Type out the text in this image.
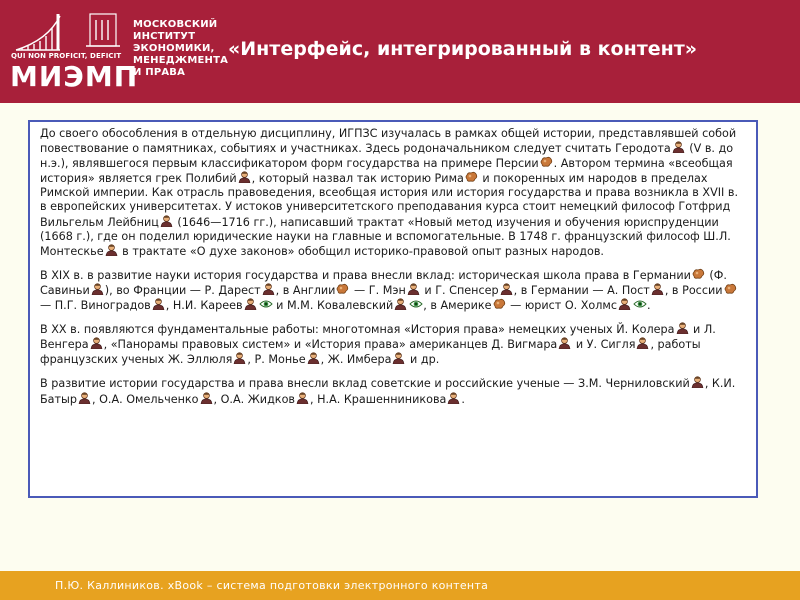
QUI NON PROFICIT, DEFICIT
МИЭМП
МОСКОВСКИЙ
ИНСТИТУТ
ЭКОНОМИКИ,
МЕНЕДЖМЕНТА
И ПРАВА
«Интерфейс, интегрированный в контент»

До своего обособления в отдельную дисциплину, ИГПЗС изучалась в рамках общей истории, представлявшей собой повествование о памятниках, событиях и участниках. Здесь родоначальником следует считать Геродота (V в. до н.э.), являвшегося первым классификатором форм государства на примере Персии . Автором термина «всеобщая история» является грек Полибий , который назвал так историю Рима и покоренных им народов в пределах Римской империи. Как отрасль правоведения, всеобщая история или история государства и права возникла в XVII в. в европейских университетах. У истоков университетского преподавания курса стоит немецкий философ Готфрид Вильгельм Лейбниц (1646—1716 гг.), написавший трактат «Новый метод изучения и обучения юриспруденции (1668 г.), где он поделил юридические науки на главные и вспомогательные. В 1748 г. французский философ Ш.Л. Монтескье в трактате «О духе законов» обобщил историко-правовой опыт разных народов.

В XIX в. в развитие науки история государства и права внесли вклад: историческая школа права в Германии (Ф. Савиньи ), во Франции — Р. Дарест , в Англии — Г. Мэн и Г. Спенсер , в Германии — А. Пост , в России — П.Г. Виноградов , Н.И. Кареев	и М.М. Ковалевский	, в Америке — юрист О. Холмс	.

В XX в. появляются фундаментальные работы: многотомная «История права» немецких ученых Й. Колера и Л. Венгера , «Панорамы правовых систем» и «История права» американцев Д. Вигмара и У. Сигля , работы французских ученых Ж. Эллюля , Р. Монье , Ж. Имбера и др.

В развитие истории государства и права внесли вклад советские и российские ученые — З.М. Черниловский , К.И. Батыр , О.А. Омельченко , О.А. Жидков , Н.А. Крашенниникова .

П.Ю. Каллиников. xBook – система подготовки электронного контента
